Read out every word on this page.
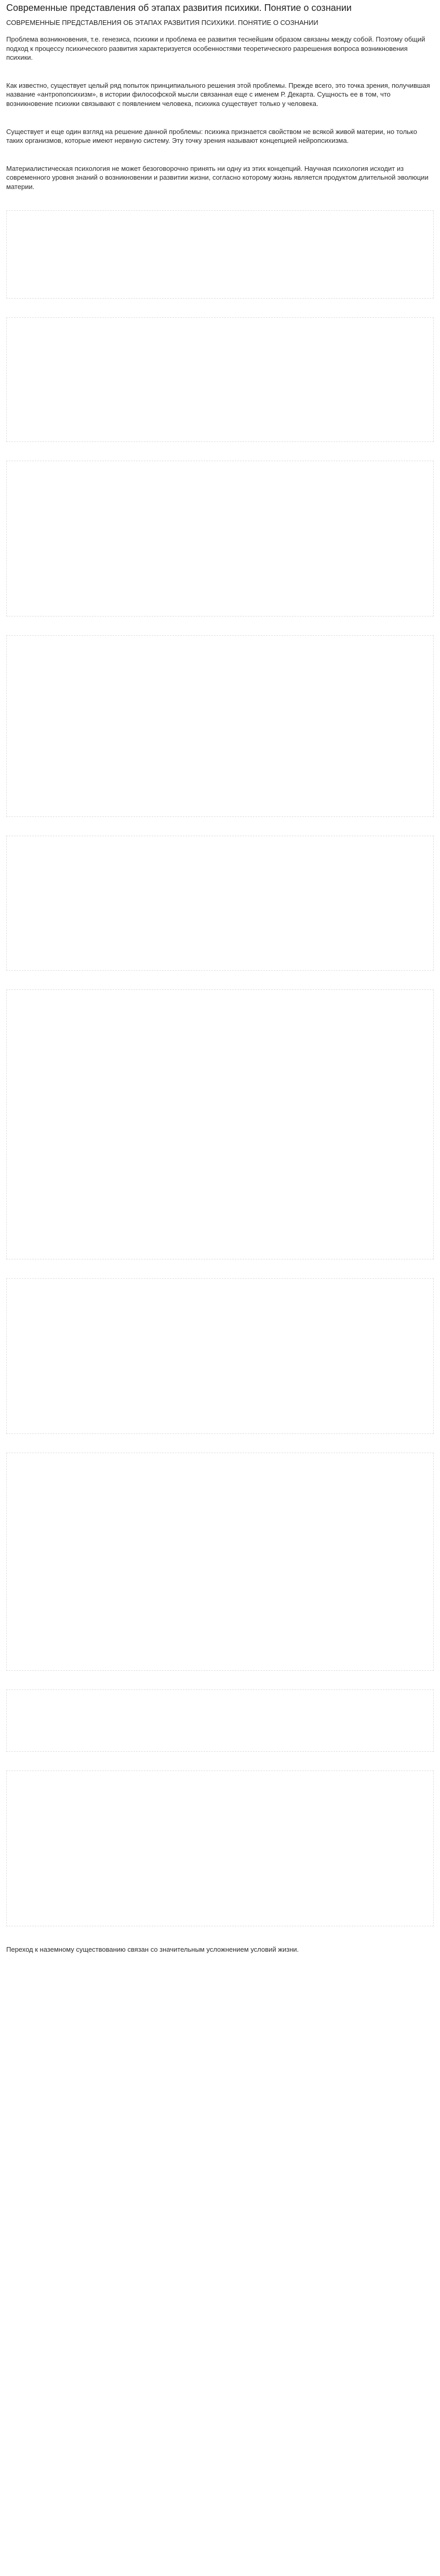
Современные представления об этапах развития психики. Понятие о сознании
СОВРЕМЕННЫЕ ПРЕДСТАВЛЕНИЯ ОБ ЭТАПАХ РАЗВИТИЯ ПСИХИКИ. ПОНЯТИЕ О СОЗНАНИИ

Проблема возникновения, т.е. генезиса, психики и проблема ее развития теснейшим образом связаны между собой. Поэтому общий подход к процессу психического развития характеризуется особенностями теоретического разрешения вопроса возникновения психики.

Как известно, существует целый ряд попыток принципиального решения этой проблемы. Прежде всего, это точка зрения, получившая название «антропопсихизм», в истории философской мысли связанная еще с именем Р. Декарта. Сущность ее в том, что возникновение психики связывают с появлением человека, психика существует только у человека.

Существует и еще один взгляд на решение данной проблемы: психика признается свойством не всякой живой материи, но только таких организмов, которые имеют нервную систему. Эту точку зрения называют концепцией нейропсихизма.

Материалистическая психология не может безоговорочно принять ни одну из этих концепций. Научная психология исходит из современного уровня знаний о возникновении и развитии жизни, согласно которому жизнь является продуктом длительной эволюции материи.

Переход к наземному существованию связан со значительным усложнением условий жизни.
